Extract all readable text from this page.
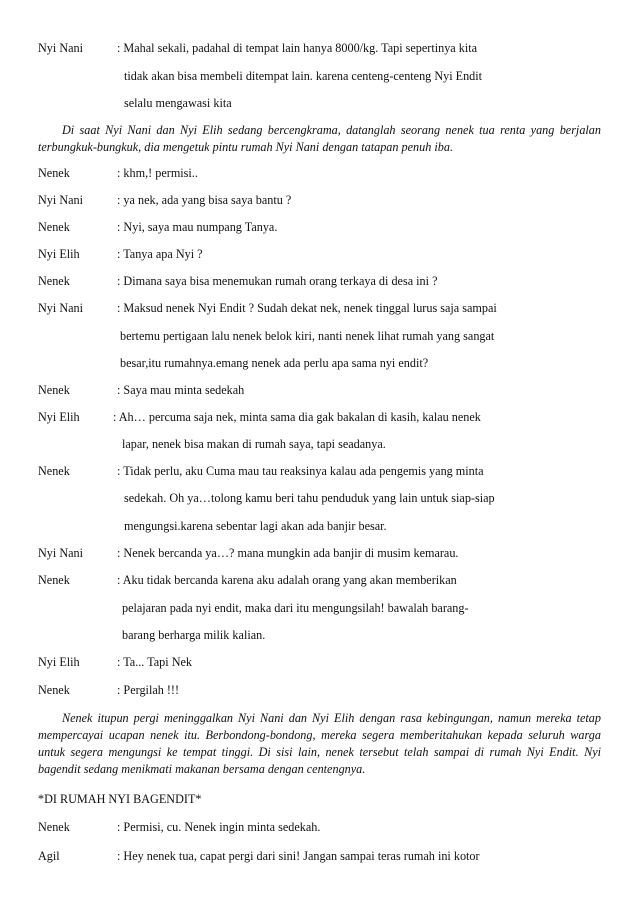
Nyi Nani	: Mahal sekali, padahal di tempat lain hanya 8000/kg. Tapi sepertinya kita
tidak akan bisa membeli ditempat lain. karena centeng-centeng Nyi Endit
selalu mengawasi kita
Di saat Nyi Nani dan Nyi Elih sedang bercengkrama, datanglah seorang nenek tua renta yang berjalan terbungkuk-bungkuk, dia mengetuk pintu rumah Nyi Nani dengan tatapan penuh iba.
Nenek	: khm,! permisi..
Nyi Nani	: ya nek, ada yang bisa saya bantu ?
Nenek	: Nyi, saya mau numpang Tanya.
Nyi Elih	: Tanya apa Nyi ?
Nenek	: Dimana saya bisa menemukan rumah orang terkaya di desa ini ?
Nyi Nani	: Maksud nenek Nyi Endit ? Sudah dekat nek, nenek tinggal lurus saja sampai
bertemu pertigaan lalu nenek belok kiri, nanti nenek lihat rumah yang sangat
besar,itu rumahnya.emang nenek ada perlu apa sama nyi endit?
Nenek	: Saya mau minta sedekah
Nyi Elih	: Ah… percuma saja nek, minta sama dia gak bakalan di kasih, kalau nenek
lapar, nenek bisa makan di rumah saya, tapi seadanya.
Nenek	: Tidak perlu, aku Cuma mau tau reaksinya kalau ada pengemis yang minta
sedekah. Oh ya…tolong kamu beri tahu penduduk yang lain untuk siap-siap
mengungsi.karena sebentar lagi akan ada banjir besar.
Nyi Nani	: Nenek bercanda ya…? mana mungkin ada banjir di musim kemarau.
Nenek	: Aku tidak bercanda karena aku adalah orang yang akan memberikan
pelajaran pada nyi endit, maka dari itu mengungsilah! bawalah barang-
barang berharga milik kalian.
Nyi Elih	: Ta... Tapi Nek
Nenek	: Pergilah !!!
Nenek itupun pergi meninggalkan Nyi Nani dan Nyi Elih dengan rasa kebingungan, namun mereka tetap mempercayai ucapan nenek itu. Berbondong-bondong, mereka segera memberitahukan kepada seluruh warga untuk segera mengungsi ke tempat tinggi. Di sisi lain, nenek tersebut telah sampai di rumah Nyi Endit. Nyi bagendit sedang menikmati makanan bersama dengan centengnya.
*DI RUMAH NYI BAGENDIT*
Nenek	: Permisi, cu. Nenek ingin minta sedekah.
Agil	: Hey nenek tua, capat pergi dari sini! Jangan sampai teras rumah ini kotor
